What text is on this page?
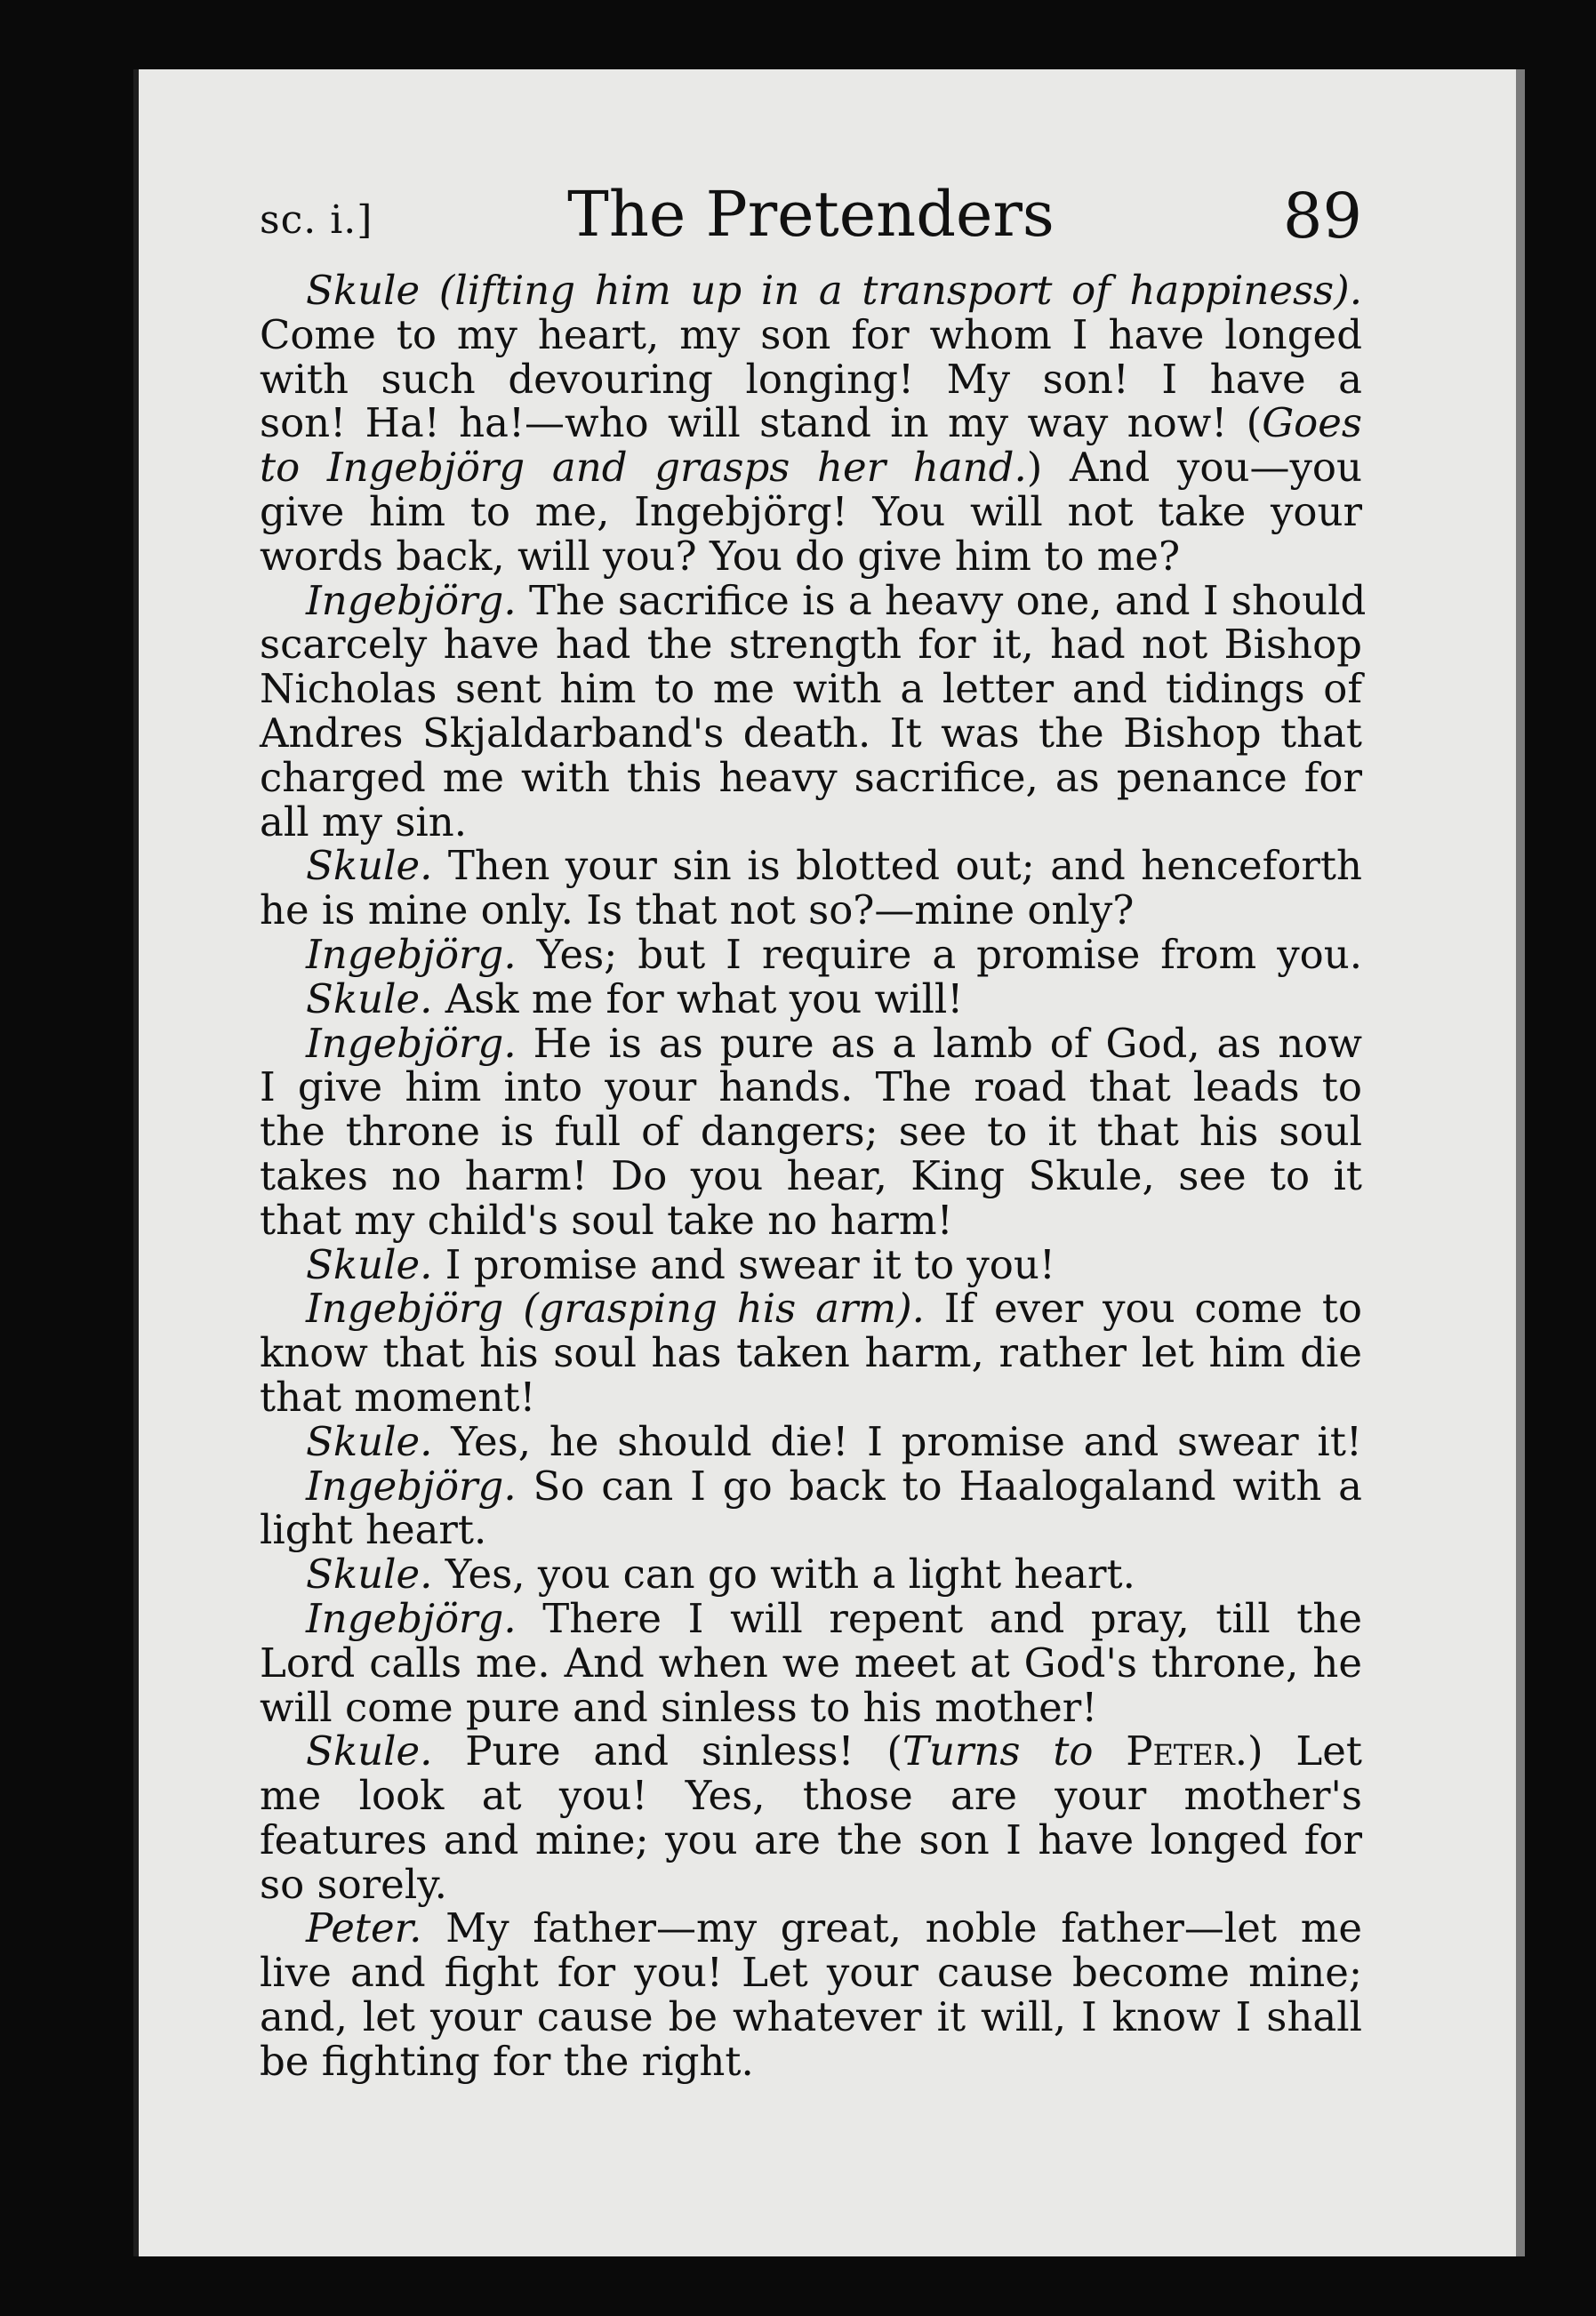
sc. i.]	The Pretenders	89
Skule (lifting him up in a transport of happiness).
Come to my heart, my son for whom I have longed
with such devouring longing! My son! I have a
son! Ha! ha!—who will stand in my way now! (Goes
to Ingebjörg and grasps her hand.) And you—you
give him to me, Ingebjörg! You will not take your
words back, will you? You do give him to me?
Ingebjörg. The sacrifice is a heavy one, and I should
scarcely have had the strength for it, had not Bishop
Nicholas sent him to me with a letter and tidings of
Andres Skjaldarband's death. It was the Bishop that
charged me with this heavy sacrifice, as penance for
all my sin.
Skule. Then your sin is blotted out; and henceforth
he is mine only. Is that not so?—mine only?
Ingebjörg. Yes; but I require a promise from you.
Skule. Ask me for what you will!
Ingebjörg. He is as pure as a lamb of God, as now
I give him into your hands. The road that leads to
the throne is full of dangers; see to it that his soul
takes no harm! Do you hear, King Skule, see to it
that my child's soul take no harm!
Skule. I promise and swear it to you!
Ingebjörg (grasping his arm). If ever you come to
know that his soul has taken harm, rather let him die
that moment!
Skule. Yes, he should die! I promise and swear it!
Ingebjörg. So can I go back to Haalogaland with a
light heart.
Skule. Yes, you can go with a light heart.
Ingebjörg. There I will repent and pray, till the
Lord calls me. And when we meet at God's throne, he
will come pure and sinless to his mother!
Skule. Pure and sinless! (Turns to Peter.) Let
me look at you! Yes, those are your mother's
features and mine; you are the son I have longed for
so sorely.
Peter. My father—my great, noble father—let me
live and fight for you! Let your cause become mine;
and, let your cause be whatever it will, I know I shall
be fighting for the right.
